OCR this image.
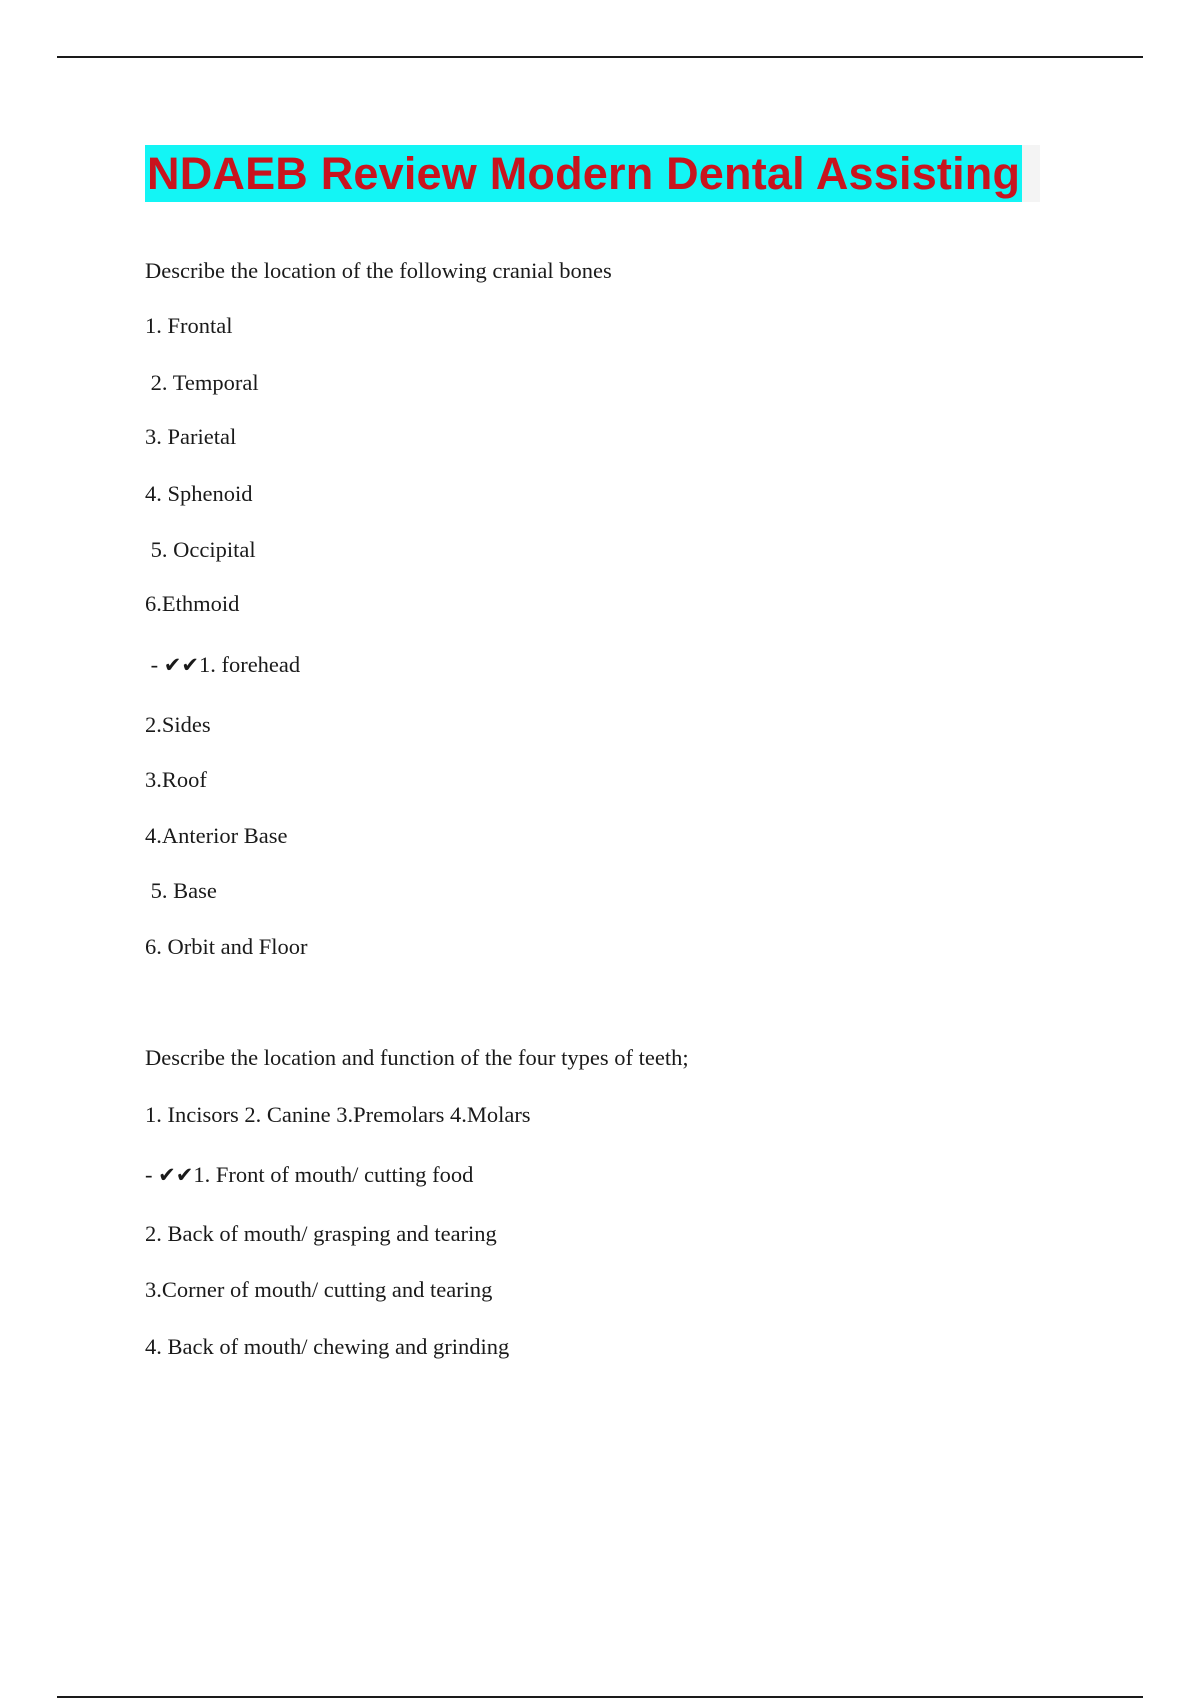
NDAEB Review Modern Dental Assisting
Describe the location of the following cranial bones
1. Frontal
2. Temporal
3. Parietal
4. Sphenoid
5. Occipital
6.Ethmoid
- ✔✔1. forehead
2.Sides
3.Roof
4.Anterior Base
5. Base
6. Orbit and Floor
Describe the location and function of the four types of teeth;
1. Incisors 2. Canine 3.Premolars 4.Molars
- ✔✔1. Front of mouth/ cutting food
2. Back of mouth/ grasping and tearing
3.Corner of mouth/ cutting and tearing
4. Back of mouth/ chewing and grinding
